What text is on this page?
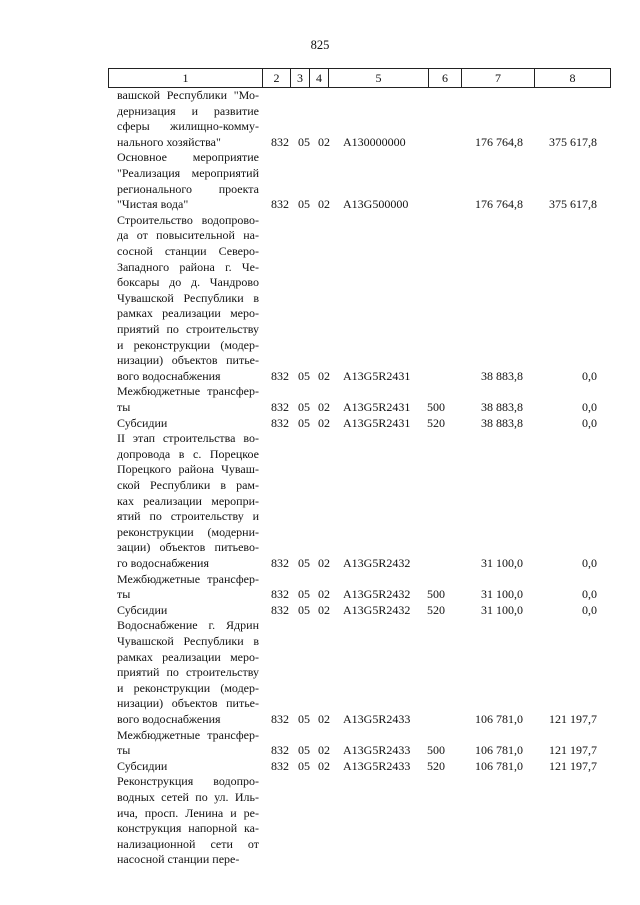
825
1	2	3	4	5	6	7	8
вашской Республики "Мо-
дернизация и развитие
сферы жилищно-комму-
нального хозяйства"	832 05 02 А130000000	176 764,8	375 617,8
Основное мероприятие
"Реализация мероприятий
регионального проекта
"Чистая вода"	832 05 02 А13G500000	176 764,8	375 617,8
Строительство водопрово-
да от повысительной на-
сосной станции Северо-
Западного района г. Че-
боксары до д. Чандрово
Чувашской Республики в
рамках реализации меро-
приятий по строительству
и реконструкции (модер-
низации) объектов питье-
вого водоснабжения	832 05 02 А13G5R2431	38 883,8	0,0
Межбюджетные трансфер-
ты	832 05 02 А13G5R2431 500	38 883,8	0,0
Субсидии	832 05 02 А13G5R2431 520	38 883,8	0,0
II этап строительства во-
допровода в с. Порецкое
Порецкого района Чуваш-
ской Республики в рам-
ках реализации меропри-
ятий по строительству и
реконструкции (модерни-
зации) объектов питьево-
го водоснабжения	832 05 02 А13G5R2432	31 100,0	0,0
Межбюджетные трансфер-
ты	832 05 02 А13G5R2432 500	31 100,0	0,0
Субсидии	832 05 02 А13G5R2432 520	31 100,0	0,0
Водоснабжение г. Ядрин
Чувашской Республики в
рамках реализации меро-
приятий по строительству
и реконструкции (модер-
низации) объектов питье-
вого водоснабжения	832 05 02 А13G5R2433	106 781,0	121 197,7
Межбюджетные трансфер-
ты	832 05 02 А13G5R2433 500	106 781,0	121 197,7
Субсидии	832 05 02 А13G5R2433 520	106 781,0	121 197,7
Реконструкция водопро-
водных сетей по ул. Иль-
ича, просп. Ленина и ре-
конструкция напорной ка-
нализационной сети от
насосной станции пере-
